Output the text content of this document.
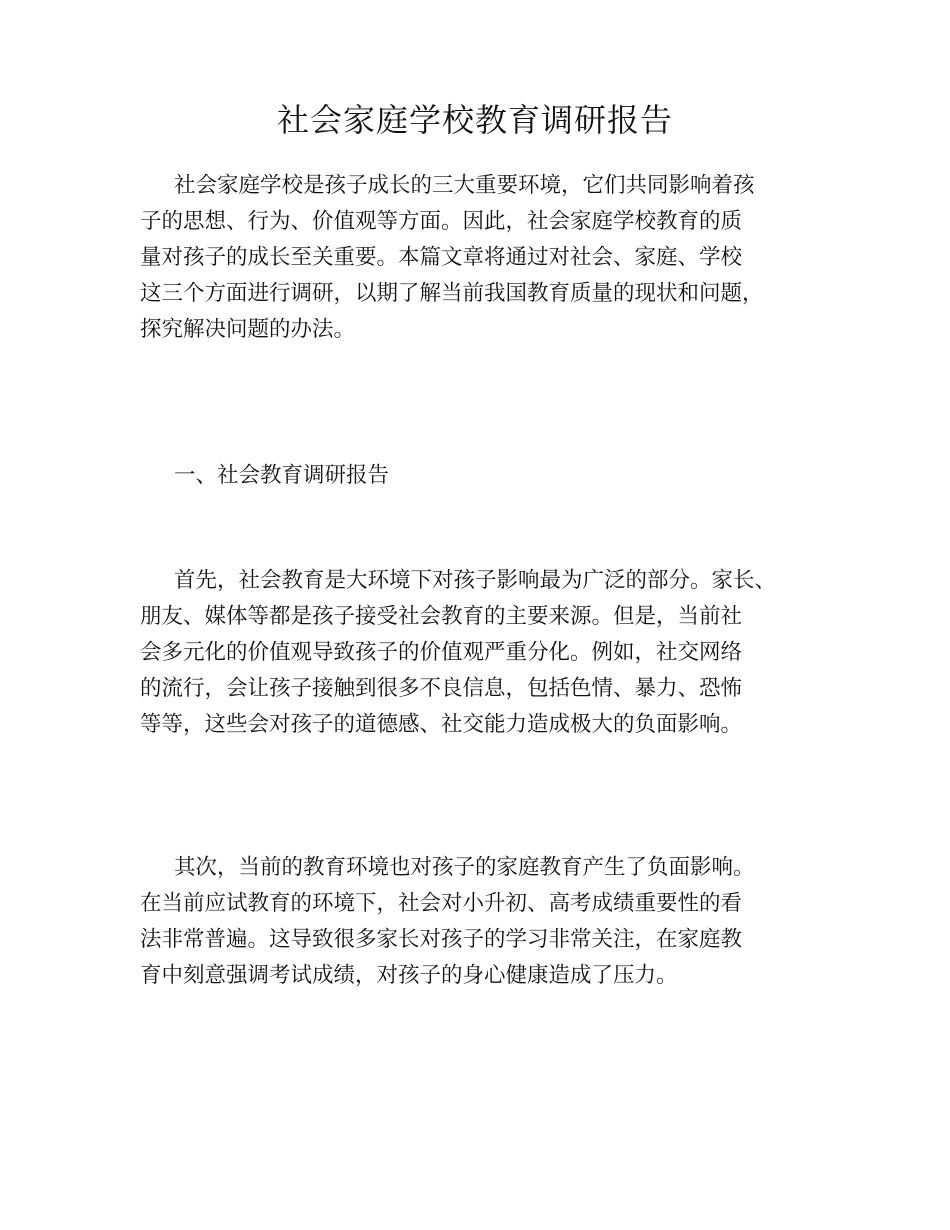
社会家庭学校教育调研报告
社会家庭学校是孩子成长的三大重要环境，它们共同影响着孩
子的思想、行为、价值观等方面。因此，社会家庭学校教育的质
量对孩子的成长至关重要。本篇文章将通过对社会、家庭、学校
这三个方面进行调研，以期了解当前我国教育质量的现状和问题，
探究解决问题的办法。
一、社会教育调研报告
首先，社会教育是大环境下对孩子影响最为广泛的部分。家长、
朋友、媒体等都是孩子接受社会教育的主要来源。但是，当前社
会多元化的价值观导致孩子的价值观严重分化。例如，社交网络
的流行，会让孩子接触到很多不良信息，包括色情、暴力、恐怖
等等，这些会对孩子的道德感、社交能力造成极大的负面影响。
其次，当前的教育环境也对孩子的家庭教育产生了负面影响。
在当前应试教育的环境下，社会对小升初、高考成绩重要性的看
法非常普遍。这导致很多家长对孩子的学习非常关注，在家庭教
育中刻意强调考试成绩，对孩子的身心健康造成了压力。
